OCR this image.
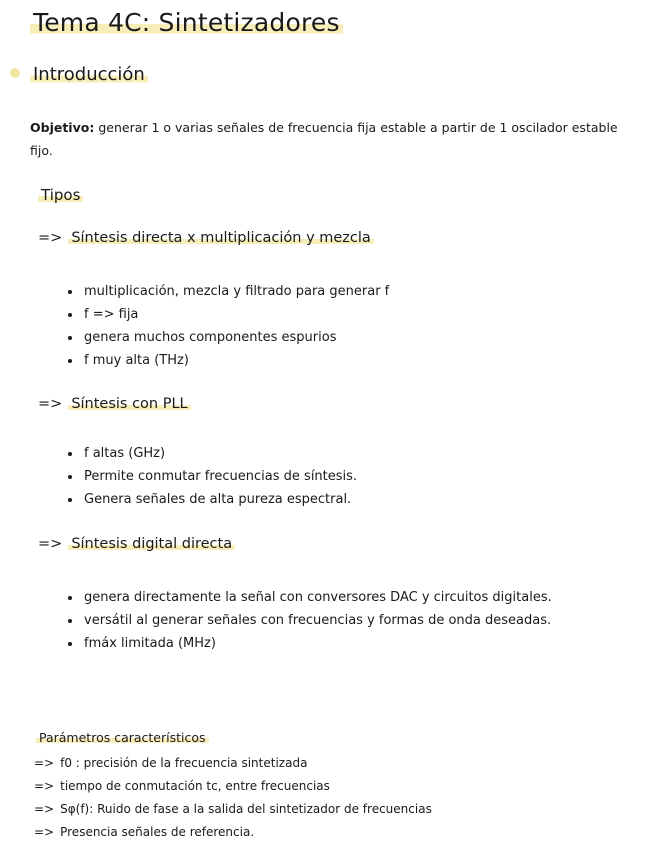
Tema 4C: Sintetizadores
Introducción
Objetivo: generar 1 o varias señales de frecuencia fija estable a partir de 1 oscilador estable fijo.
Tipos
=> Síntesis directa x multiplicación y mezcla
• multiplicación, mezcla y filtrado para generar f
• f => fija
• genera muchos componentes espurios
• f muy alta (THz)
=> Síntesis con PLL
• f altas (GHz)
• Permite conmutar frecuencias de síntesis.
• Genera señales de alta pureza espectral.
=> Síntesis digital directa
• genera directamente la señal con conversores DAC y circuitos digitales.
• versátil al generar señales con frecuencias y formas de onda deseadas.
• fmáx limitada (MHz)
Parámetros característicos
=> f0 : precisión de la frecuencia sintetizada
=> tiempo de conmutación tc, entre frecuencias
=> Sφ(f): Ruido de fase a la salida del sintetizador de frecuencias
=> Presencia señales de referencia.
